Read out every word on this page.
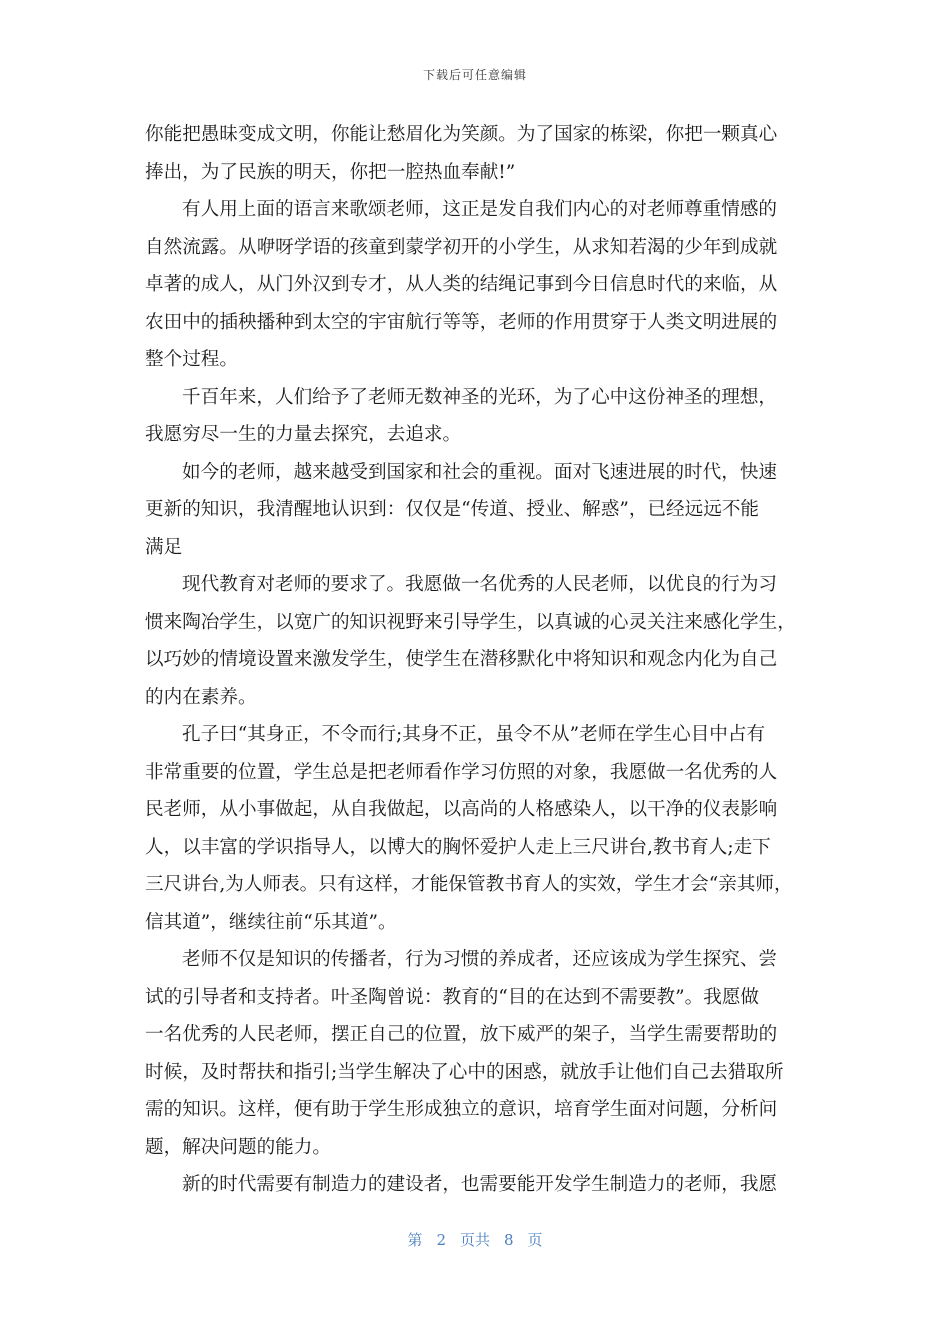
下载后可任意编辑
你能把愚昧变成文明，你能让愁眉化为笑颜。为了国家的栋梁，你把一颗真心
捧出，为了民族的明天，你把一腔热血奉献!”
有人用上面的语言来歌颂老师，这正是发自我们内心的对老师尊重情感的
自然流露。从咿呀学语的孩童到蒙学初开的小学生，从求知若渴的少年到成就
卓著的成人，从门外汉到专才，从人类的结绳记事到今日信息时代的来临，从
农田中的插秧播种到太空的宇宙航行等等，老师的作用贯穿于人类文明进展的
整个过程。
千百年来，人们给予了老师无数神圣的光环，为了心中这份神圣的理想，
我愿穷尽一生的力量去探究，去追求。
如今的老师，越来越受到国家和社会的重视。面对飞速进展的时代，快速
更新的知识，我清醒地认识到：仅仅是“传道、授业、解惑”，已经远远不能
满足
现代教育对老师的要求了。我愿做一名优秀的人民老师，以优良的行为习
惯来陶冶学生，以宽广的知识视野来引导学生，以真诚的心灵关注来感化学生，
以巧妙的情境设置来激发学生，使学生在潜移默化中将知识和观念内化为自己
的内在素养。
孔子曰“其身正，不令而行;其身不正，虽令不从”老师在学生心目中占有
非常重要的位置，学生总是把老师看作学习仿照的对象，我愿做一名优秀的人
民老师，从小事做起，从自我做起，以高尚的人格感染人，以干净的仪表影响
人，以丰富的学识指导人，以博大的胸怀爱护人走上三尺讲台,教书育人;走下
三尺讲台,为人师表。只有这样，才能保管教书育人的实效，学生才会“亲其师，
信其道”，继续往前“乐其道”。
老师不仅是知识的传播者，行为习惯的养成者，还应该成为学生探究、尝
试的引导者和支持者。叶圣陶曾说：教育的“目的在达到不需要教”。我愿做
一名优秀的人民老师，摆正自己的位置，放下威严的架子，当学生需要帮助的
时候，及时帮扶和指引;当学生解决了心中的困惑，就放手让他们自己去猎取所
需的知识。这样，便有助于学生形成独立的意识，培育学生面对问题，分析问
题，解决问题的能力。
新的时代需要有制造力的建设者，也需要能开发学生制造力的老师，我愿
第 2 页共 8 页
